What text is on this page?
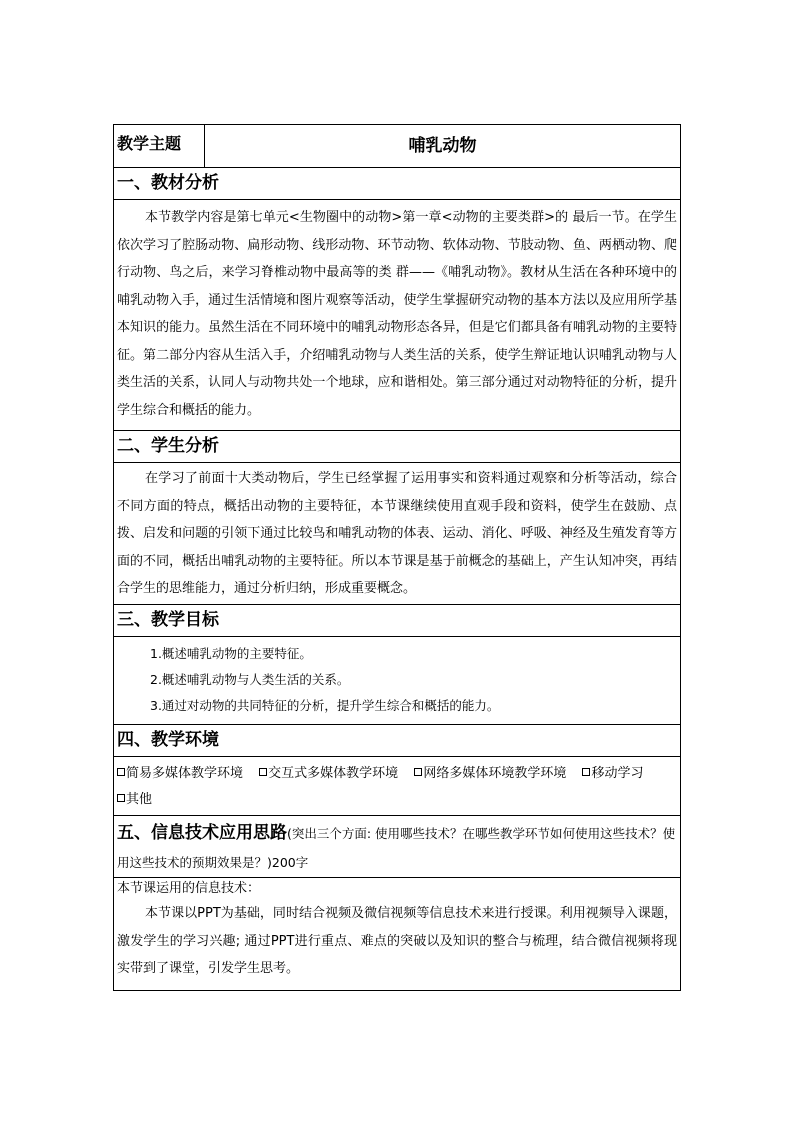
教学主题	哺乳动物
一、教材分析
本节教学内容是第七单元<生物圈中的动物>第一章<动物的主要类群>的 最后一节。在学生依次学习了腔肠动物、扁形动物、线形动物、环节动物、软体动物、节肢动物、鱼、两栖动物、爬行动物、鸟之后，来学习脊椎动物中最高等的类 群——《哺乳动物》。教材从生活在各种环境中的哺乳动物入手，通过生活情境和图片观察等活动，使学生掌握研究动物的基本方法以及应用所学基本知识的能力。虽然生活在不同环境中的哺乳动物形态各异，但是它们都具备有哺乳动物的主要特征。第二部分内容从生活入手，介绍哺乳动物与人类生活的关系，使学生辩证地认识哺乳动物与人类生活的关系，认同人与动物共处一个地球，应和谐相处。第三部分通过对动物特征的分析，提升学生综合和概括的能力。
二、学生分析
在学习了前面十大类动物后，学生已经掌握了运用事实和资料通过观察和分析等活动，综合不同方面的特点，概括出动物的主要特征，本节课继续使用直观手段和资料，使学生在鼓励、点拨、启发和问题的引领下通过比较鸟和哺乳动物的体表、运动、消化、呼吸、神经及生殖发育等方面的不同，概括出哺乳动物的主要特征。所以本节课是基于前概念的基础上，产生认知冲突，再结合学生的思维能力，通过分析归纳，形成重要概念。
三、教学目标
1.概述哺乳动物的主要特征。
2.概述哺乳动物与人类生活的关系。
3.通过对动物的共同特征的分析，提升学生综合和概括的能力。
四、教学环境
简易多媒体教学环境 交互式多媒体教学环境 网络多媒体环境教学环境 移动学习 其他
五、信息技术应用思路(突出三个方面: 使用哪些技术？在哪些教学环节如何使用这些技术？使用这些技术的预期效果是？)200字
本节课运用的信息技术：
本节课以PPT为基础，同时结合视频及微信视频等信息技术来进行授课。利用视频导入课题，激发学生的学习兴趣; 通过PPT进行重点、难点的突破以及知识的整合与梳理，结合微信视频将现实带到了课堂，引发学生思考。
